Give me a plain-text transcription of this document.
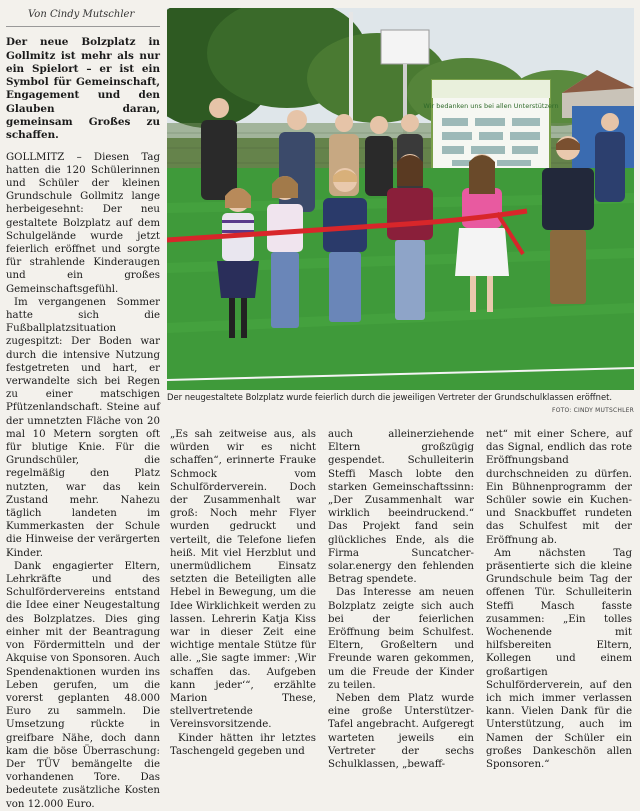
Von Cindy Mutschler

Der neue Bolzplatz in Gollmitz ist mehr als nur ein Spielort – er ist ein Symbol für Gemeinschaft, Engagement und den Glauben daran, gemeinsam Großes zu schaffen.

GOLLMITZ – Diesen Tag hatten die 120 Schülerinnen und Schüler der kleinen Grundschule Gollmitz lange herbeigesehnt: Der neu gestaltete Bolzplatz auf dem Schulgelände wurde jetzt feierlich eröffnet und sorgte für strahlende Kinderaugen und ein großes Gemeinschaftsgefühl.

Im vergangenen Sommer hatte sich die Fußballplatzsituation zugespitzt: Der Boden war durch die intensive Nutzung festgetreten und hart, er verwandelte sich bei Regen zu einer matschigen Pfützenlandschaft. Steine auf der umnetzten Fläche von 20 mal 10 Metern sorgten oft für blutige Knie. Für die Grundschüler, die regelmäßig den Platz nutzten, war das kein Zustand mehr. Nahezu täglich landeten im Kummerkasten der Schule die Hinweise der verärgerten Kinder.

Dank engagierter Eltern, Lehrkräfte und des Schulfördervereins entstand die Idee einer Neugestaltung des Bolzplatzes. Dies ging einher mit der Beantragung von Fördermitteln und der Akquise von Sponsoren. Auch Spendenaktionen wurden ins Leben gerufen, um die vorerst geplanten 48.000 Euro zu sammeln. Die Umsetzung rückte in greifbare Nähe, doch dann kam die böse Überraschung: Der TÜV bemängelte die vorhandenen Tore. Das bedeutete zusätzliche Kosten von 12.000 Euro.

Wir bedanken uns bei allen Unterstützern
Der neugestaltete Bolzplatz wurde feierlich durch die jeweiligen Vertreter der Grundschulklassen eröffnet.
FOTO: CINDY MUTSCHLER

„Es sah zeitweise aus, als würden wir es nicht schaffen“, erinnerte Frauke Schmock vom Schulförderverein. Doch der Zusammenhalt war groß: Noch mehr Flyer wurden gedruckt und verteilt, die Telefone liefen heiß. Mit viel Herzblut und unermüdlichem Einsatz setzten die Beteiligten alle Hebel in Bewegung, um die Idee Wirklichkeit werden zu lassen. Lehrerin Katja Kiss war in dieser Zeit eine wichtige mentale Stütze für alle. „Sie sagte immer: ‚Wir schaffen das. Aufgeben kann jeder‘“, erzählte Marion These, stellvertretende Vereinsvorsitzende.

Kinder hätten ihr letztes Taschengeld gegeben und

auch alleinerziehende Eltern großzügig gespendet. Schulleiterin Steffi Masch lobte den starken Gemeinschaftssinn: „Der Zusammenhalt war wirklich beeindruckend.“ Das Projekt fand sein glückliches Ende, als die Firma Suncatcher-solar.energy den fehlenden Betrag spendete.

Das Interesse am neuen Bolzplatz zeigte sich auch bei der feierlichen Eröffnung beim Schulfest. Eltern, Großeltern und Freunde waren gekommen, um die Freude der Kinder zu teilen.

Neben dem Platz wurde eine große Unterstützer-Tafel angebracht. Aufgeregt warteten jeweils ein Vertreter der sechs Schulklassen, „bewaff-

net“ mit einer Schere, auf das Signal, endlich das rote Eröffnungsband durchschneiden zu dürfen. Ein Bühnenprogramm der Schüler sowie ein Kuchen- und Snackbuffet rundeten das Schulfest mit der Eröffnung ab.

Am nächsten Tag präsentierte sich die kleine Grundschule beim Tag der offenen Tür. Schulleiterin Steffi Masch fasste zusammen: „Ein tolles Wochenende mit hilfsbereiten Eltern, Kollegen und einem großartigen Schulförderverein, auf den ich mich immer verlassen kann. Vielen Dank für die Unterstützung, auch im Namen der Schüler ein großes Dankeschön allen Sponsoren.“
